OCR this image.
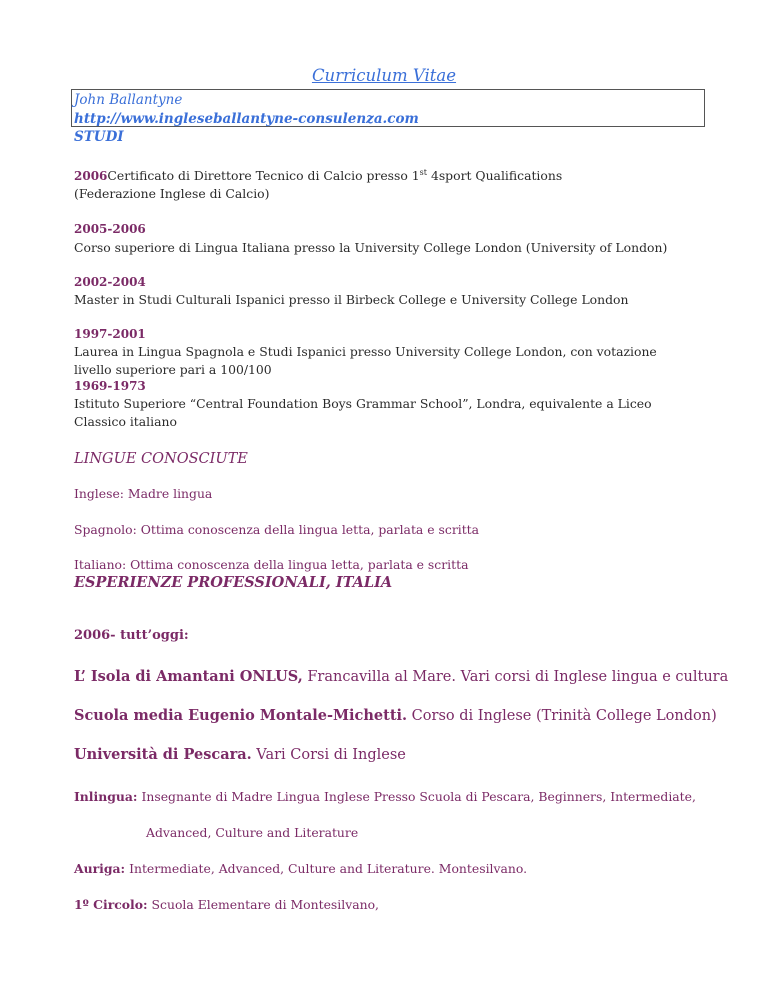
Curriculum Vitae
John Ballantyne
http://www.ingleseballantyne-consulenza.com
STUDI
2006Certificato di Direttore Tecnico di Calcio presso 1st 4sport Qualifications
(Federazione Inglese di Calcio)
2005-2006
Corso superiore di Lingua Italiana presso la University College London (University of London)
2002-2004
Master in Studi Culturali Ispanici presso il Birbeck College e University College London
1997-2001
Laurea in Lingua Spagnola e Studi Ispanici presso University College London, con votazione
livello superiore pari a 100/100
1969-1973
Istituto Superiore “Central Foundation Boys Grammar School”, Londra, equivalente a Liceo
Classico italiano
LINGUE CONOSCIUTE
Inglese: Madre lingua
Spagnolo: Ottima conoscenza della lingua letta, parlata e scritta
Italiano: Ottima conoscenza della lingua letta, parlata e scritta
ESPERIENZE PROFESSIONALI, ITALIA
2006- tutt’oggi:
L’ Isola di Amantani ONLUS, Francavilla al Mare. Vari corsi di Inglese lingua e cultura
Scuola media Eugenio Montale-Michetti. Corso di Inglese (Trinità College London)
Università di Pescara. Vari Corsi di Inglese
Inlingua: Insegnante di Madre Lingua Inglese Presso Scuola di Pescara, Beginners, Intermediate,
Advanced, Culture and Literature
Auriga: Intermediate, Advanced, Culture and Literature. Montesilvano.
1º Circolo: Scuola Elementare di Montesilvano,
